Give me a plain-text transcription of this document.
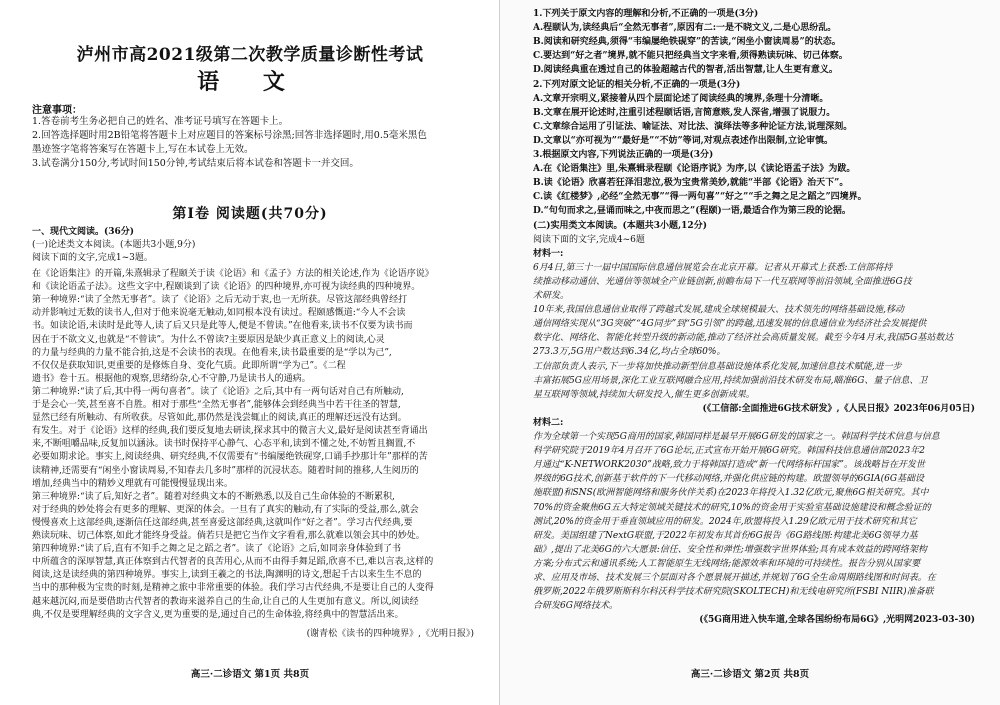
泸州市高2021级第二次教学质量诊断性考试
语 文
注意事项：
1.答卷前考生务必把自己的姓名、准考证号填写在答题卡上。
2.回答选择题时用2B铅笔将答题卡上对应题目的答案标号涂黑;回答非选择题时,用0.5毫米黑色
墨迹签字笔将答案写在答题卡上,写在本试卷上无效。
3.试卷满分150分,考试时间150分钟,考试结束后将本试卷和答题卡一并交回。
第Ⅰ卷 阅读题(共70分)
一、现代文阅读。(36分)
(一)论述类文本阅读。(本题共3小题,9分)
阅读下面的文字,完成1~3题。
在《论语集注》的开篇,朱熹辑录了程颐关于读《论语》和《孟子》方法的相关论述,作为《论语序说》
和《读论语孟子法》。这些文字中,程颐谈到了读《论语》的四种境界,亦可视为读经典的四种境界。
第一种境界:“读了全然无事者”。读了《论语》之后无动于衷,也一无所获。尽管这部经典曾经打
动并影响过无数的读书人,但对于他来说毫无触动,如同根本没有读过。程颐感慨道:“今人不会读
书。如读论语,未读时是此等人,读了后又只是此等人,便是不曾读。”在他看来,读书不仅要为读书而
因在于不欲文义,也就是“不曾读”。为什么不曾读?主要原因是缺少真正意义上的阅读,心灵
的力量与经典的力量不能合拍,这是不会读书的表现。在他看来,读书最重要的是“学以为己”,
不仅仅是获取知识,更重要的是修炼自身、变化气质。此即所谓“学为己”。《二程
遗书》卷十五。根据他的观察,思绪纷杂,心不守静,乃是读书人的通病。
第二种境界:“读了后,其中得一两句喜者”。读了《论语》之后,其中有一两句话对自己有所触动,
于是会心一笑,甚至喜不自胜。相对于那些“全然无事者”,能够体会到经典当中若干往圣的智慧,
显然已经有所触动、有所收获。尽管如此,那仍然是浅尝辄止的阅读,真正的理解还远没有达到。
有发生。对于《论语》这样的经典,我们要反复地去研读,探求其中的微言大义,最好是阅读甚至背诵出
来,不断咀嚼品味,反复加以涵泳。读书时保持平心静气、心态平和,读到不懂之处,不妨暂且搁置,不
必要如期求论。事实上,阅读经典、研究经典,不仅需要有“书编屡绝铁砚穿,口诵手抄那计年”那样的苦
读精神,还需要有“闲坐小窗读周易,不知春去几多时”那样的沉浸状态。随着时间的推移,人生阅历的
增加,经典当中的精妙义理就有可能慢慢显现出来。
第三种境界:“读了后,知好之者”。随着对经典文本的不断熟悉,以及自己生命体验的不断累积,
对于经典的妙处将会有更多的理解、更深的体会。一旦有了真实的触动,有了实际的受益,那么,就会
慢慢喜欢上这部经典,逐渐信任这部经典,甚至喜爱这部经典,这就叫作“好之者”。学习古代经典,要
熟读玩味、切己体察,如此才能终身受益。倘若只是把它当作文字看看,那么就难以领会其中的妙处。
第四种境界:“读了后,直有不知手之舞之足之蹈之者”。读了《论语》之后,如同亲身体验到了书
中所蕴含的深厚智慧,真正体察到古代智者的良苦用心,从而不由得手舞足蹈,欣喜不已,难以言表,这样的
阅读,这是读经典的第四种境界。事实上,读到王羲之的书法,陶渊明的诗文,想起千古以来生生不息的
当中的那种极为宝贵的时刻,是精神之旅中非常重要的体验。我们学习古代经典,不是要让自己的人变得
越来越沉闷,而是要借助古代智者的教诲来滋养自己的生命,让自己的人生更加有意义。所以,阅读经
典,不仅是要理解经典的文字含义,更为重要的是,通过自己的生命体验,将经典中的智慧活出来。
(谢青松《读书的四种境界》,《光明日报》)
高三·二诊语文 第1页 共8页
1.下列关于原文内容的理解和分析,不正确的一项是(3分)
A.程颐认为,读经典后“全然无事者”,原因有二:一是不晓文义,二是心思纷乱。
B.阅读和研究经典,须得“韦编屡绝铁砚穿”的苦读,“闲坐小窗读周易”的状态。
C.要达到“好之者”境界,就不能只把经典当文字来看,须得熟读玩味、切己体察。
D.阅读经典重在透过自己的体验超越古代的智者,活出智慧,让人生更有意义。
2.下列对原文论证的相关分析,不正确的一项是(3分)
A.文章开宗明义,紧接着从四个层面论述了阅读经典的境界,条理十分清晰。
B.文章在展开论述时,注重引述程颐话语,言简意赅,发人深省,增强了说服力。
C.文章综合运用了引证法、喻证法、对比法、演绎法等多种论证方法,说理深刻。
D.文章以“亦可视为”“最好是”“不妨”等词,对观点表述作出限制,立论审慎。
3.根据原文内容,下列说法正确的一项是(3分)
A.在《论语集注》里,朱熹辑录程颐《论语序说》为序,以《读论语孟子法》为跋。
B.读《论语》欣喜若狂泽泪悲泣,极为宝贵常美妙,就能“半部《论语》治天下”。
C.读《红楼梦》,必经“全然无事”“得一两句喜”“好之”“手之舞之足之蹈之”四境界。
D.“句句而求之,昼诵而味之,中夜而思之”(程颐)一语,最适合作为第三段的论据。
(二)实用类文本阅读。(本题共3小题,12分)
阅读下面的文字,完成4~6题
材料一:
6月4日,第三十一届中国国际信息通信展览会在北京开幕。记者从开幕式上获悉:工信部将持
续推动移动通信、光通信等领域全产业链创新,前瞻布局下一代互联网等前沿领域,全面推进6G技
术研发。
10年来,我国信息通信业取得了跨越式发展,建成全球规模最大、技术领先的网络基础设施,移动
通信网络实现从“3G突破”“4G同步”到“5G引领”的跨越,迅速发展的信息通信业为经济社会发展提供
数字化、网络化、智能化转型升级的新动能,推动了经济社会高质量发展。截至今年4月末,我国5G基站数达
273.3万,5G用户数达到6.34亿,均占全球60%。
工信部负责人表示,下一步将加快推动新型信息基础设施体系化发展,加速信息技术赋能,进一步
丰富拓展5G应用场景,深化工业互联网融合应用,持续加强前沿技术研发布局,瞄准6G、量子信息、卫
星互联网等领域,持续加大研发投入,催生更多创新成果。
(《工信部:全面推进6G技术研发》,《人民日报》2023年06月05日)
材料二:
作为全球第一个实现5G商用的国家,韩国同样是最早开展6G研发的国家之一。韩国科学技术信息与信息
科学研究院于2019年4月召开了6G论坛,正式宣布开始开展6G研究。韩国科技信息通信部2023年2
月通过“K-NETWORK2030”战略,致力于将韩国打造成“新一代网络标杆国家”。该战略旨在开发世
界级的6G技术,创新基于软件的下一代移动网络,并强化供应链的构建。欧盟领导的6GIA(6G基础设
施联盟)和SNS(欧洲智能网络和服务伙伴关系)在2023年将投入1.32亿欧元,聚焦6G相关研究。其中
70%的资金聚焦6G五大特定领域关键技术的研究,10%的资金用于实验室基础设施建设和概念验证的
测试,20%的资金用于垂直领域应用的研发。2024年,欧盟将投入1.29亿欧元用于技术研究和其它
研发。美国组建了NextG联盟,于2022年初发布其首份6G报告《6G路线图:构建北美6G领导力基
础》,提出了北美6G的六大愿景:信任、安全性和弹性;增强数字世界体验;具有成本效益的跨网络架构
方案;分布式云和通讯系统;人工智能原生无线网络;能源效率和环境的可持续性。报告分别从国家要
求、应用及市场、技术发展三个层面对各个愿景展开描述,并规划了6G全生命周期路线图和时间表。在
俄罗斯,2022年俄罗斯斯科尔科沃科学技术研究院(SKOLTECH)和无线电研究所(FSBI NIIR)准备联
合研发6G网络技术。
(《5G商用进入快车道,全球各国纷纷布局6G》,光明网2023-03-30)
高三·二诊语文 第2页 共8页
